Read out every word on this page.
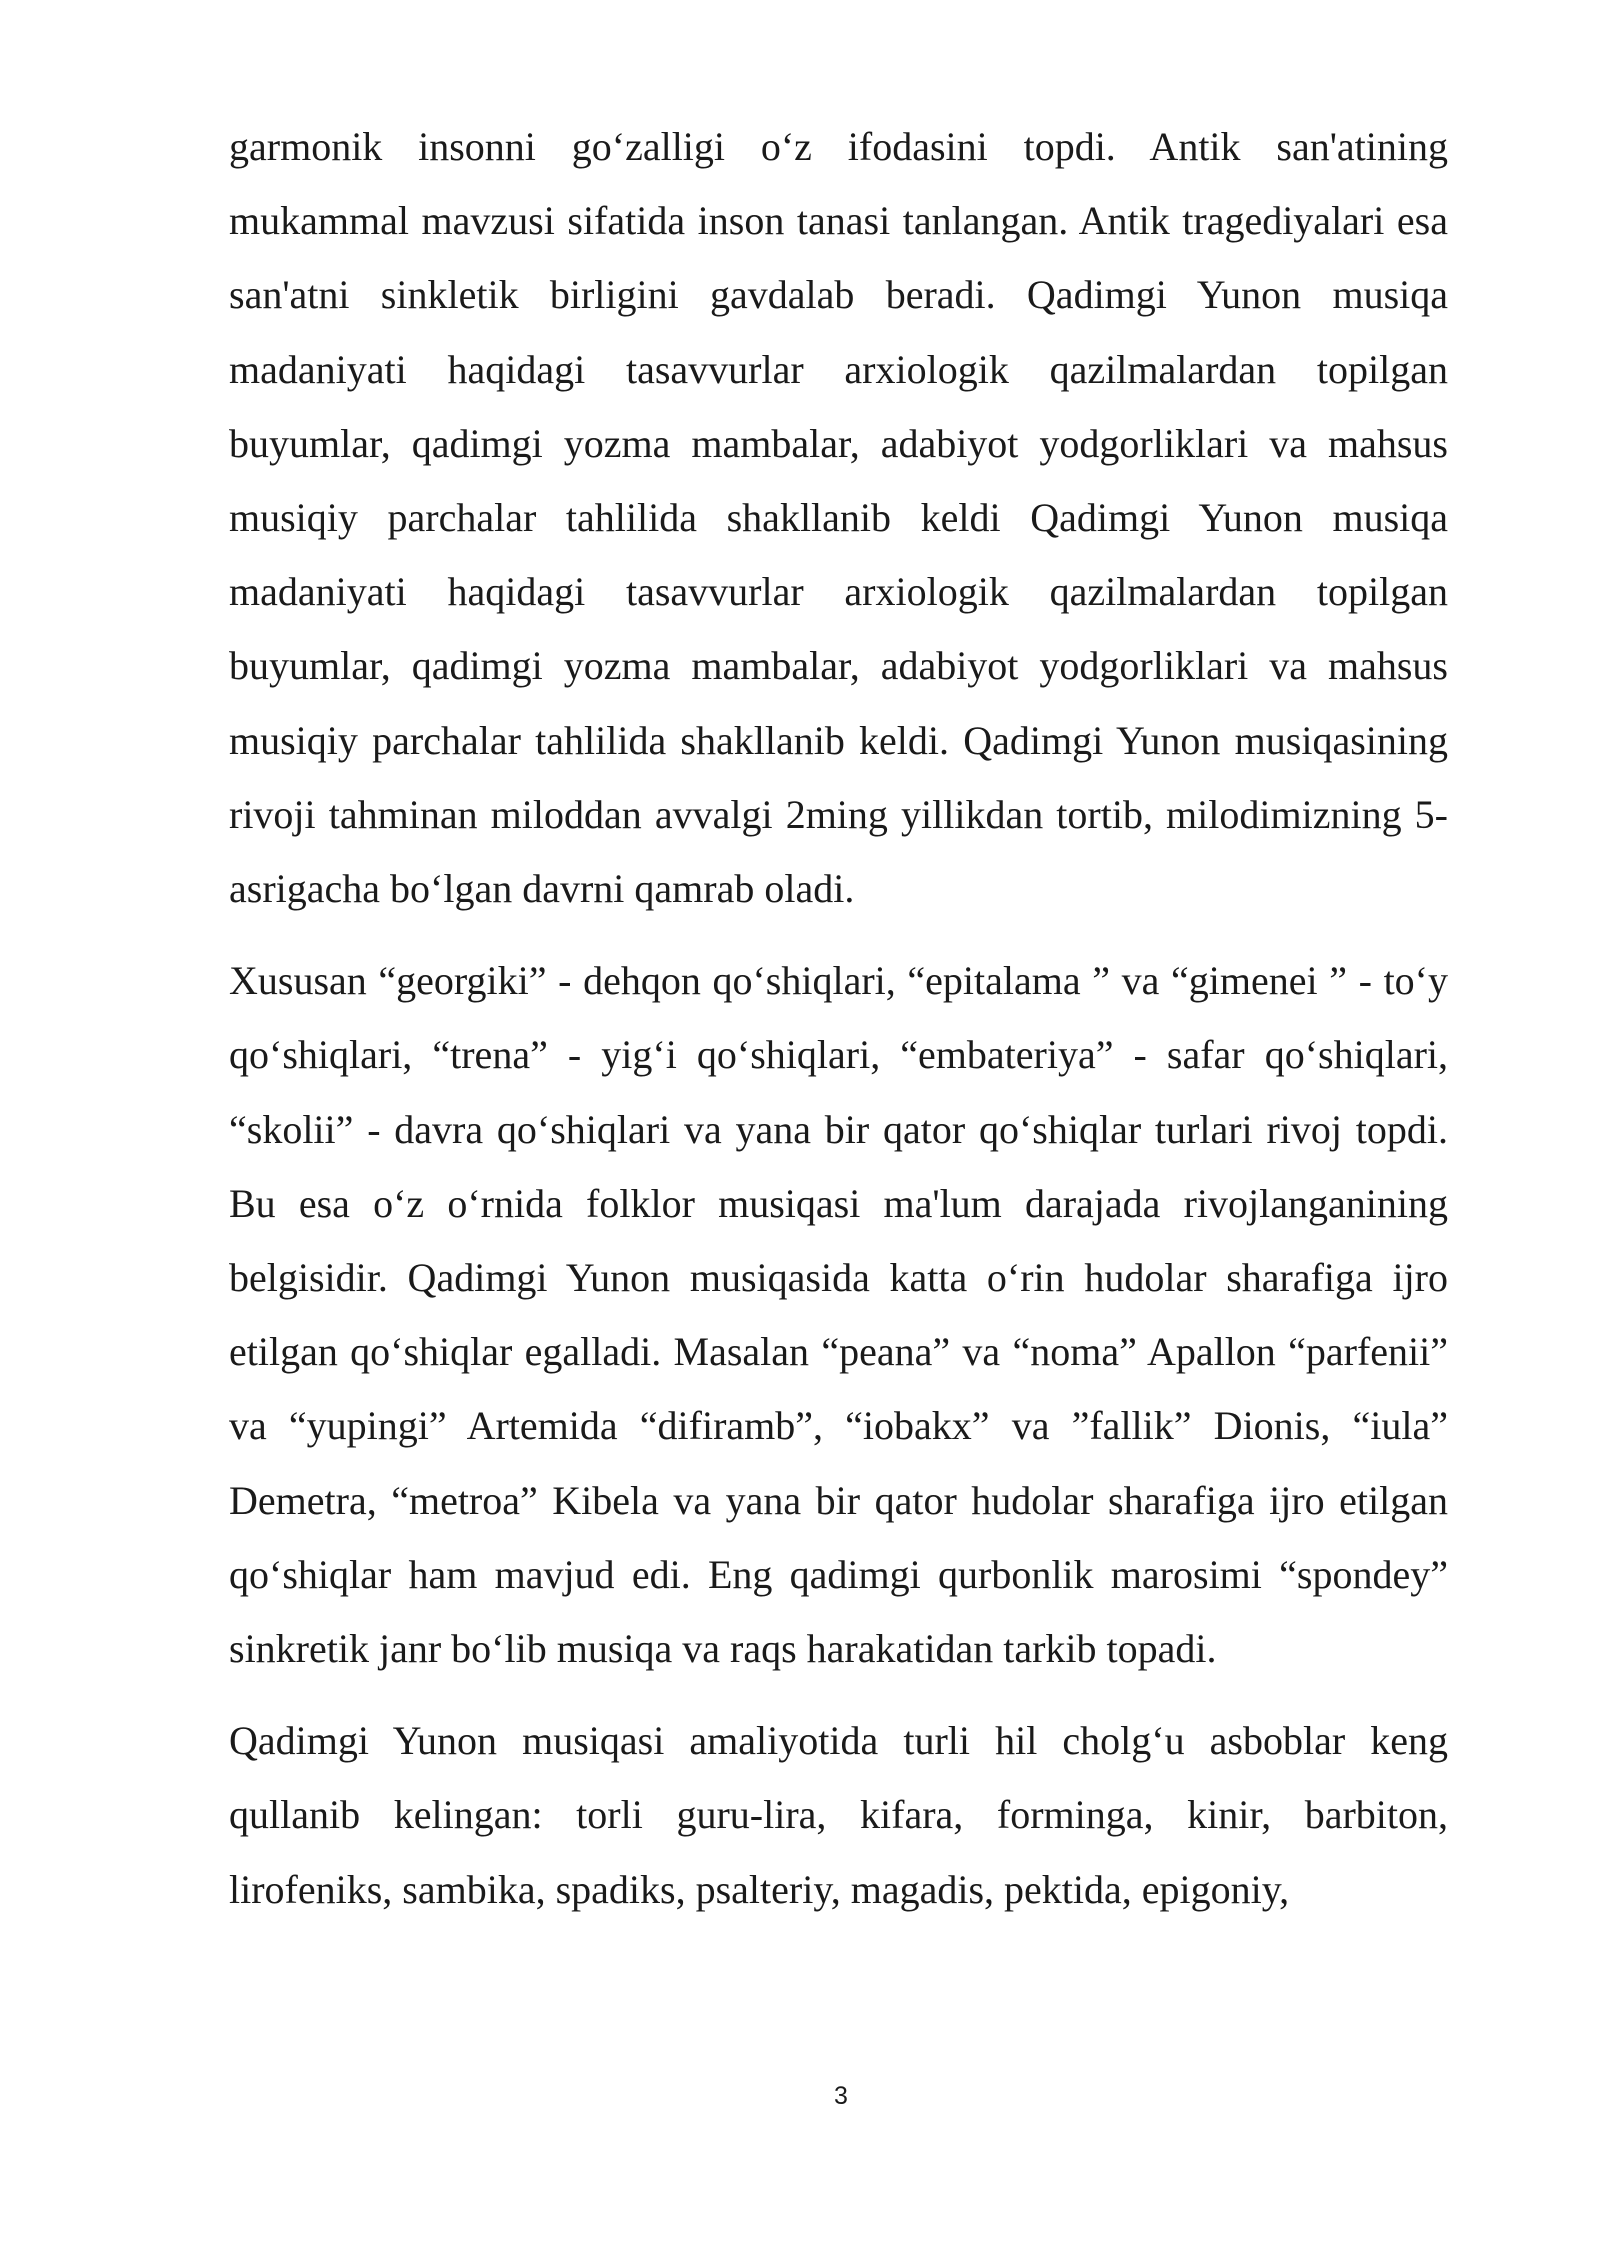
garmonik insonni go‘zalligi o‘z ifodasini topdi. Antik san'atining mukammal mavzusi sifatida inson tanasi tanlangan. Antik tragediyalari esa san'atni sinkletik birligini gavdalab beradi. Qadimgi Yunon musiqa madaniyati haqidagi tasavvurlar arxiologik qazilmalardan topilgan buyumlar, qadimgi yozma mambalar, adabiyot yodgorliklari va mahsus musiqiy parchalar tahlilida shakllanib keldi Qadimgi Yunon musiqa madaniyati haqidagi tasavvurlar arxiologik qazilmalardan topilgan buyumlar, qadimgi yozma mambalar, adabiyot yodgorliklari va mahsus musiqiy parchalar tahlilida shakllanib keldi. Qadimgi Yunon musiqasining rivoji tahminan miloddan avvalgi 2ming yillikdan tortib, milodimizning 5-asrigacha bo‘lgan davrni qamrab oladi.

Xususan “georgiki” - dehqon qo‘shiqlari, “epitalama ” va “gimenei ” - to‘y qo‘shiqlari, “trena” - yig‘i qo‘shiqlari, “embateriya” - safar qo‘shiqlari, “skolii” - davra qo‘shiqlari va yana bir qator qo‘shiqlar turlari rivoj topdi. Bu esa o‘z o‘rnida folklor musiqasi ma'lum darajada rivojlanganining belgisidir. Qadimgi Yunon musiqasida katta o‘rin hudolar sharafiga ijro etilgan qo‘shiqlar egalladi. Masalan “peana” va “noma” Apallon “parfenii” va “yupingi” Artemida “difiramb”, “iobakx” va ”fallik” Dionis, “iula” Demetra, “metroa” Kibela va yana bir qator hudolar sharafiga ijro etilgan qo‘shiqlar ham mavjud edi. Eng qadimgi qurbonlik marosimi “spondey” sinkretik janr bo‘lib musiqa va raqs harakatidan tarkib topadi.

Qadimgi Yunon musiqasi amaliyotida turli hil cholg‘u asboblar keng qullanib kelingan: torli guru-lira, kifara, forminga, kinir, barbiton, lirofeniks, sambika, spadiks, psalteriy, magadis, pektida, epigoniy,

3
